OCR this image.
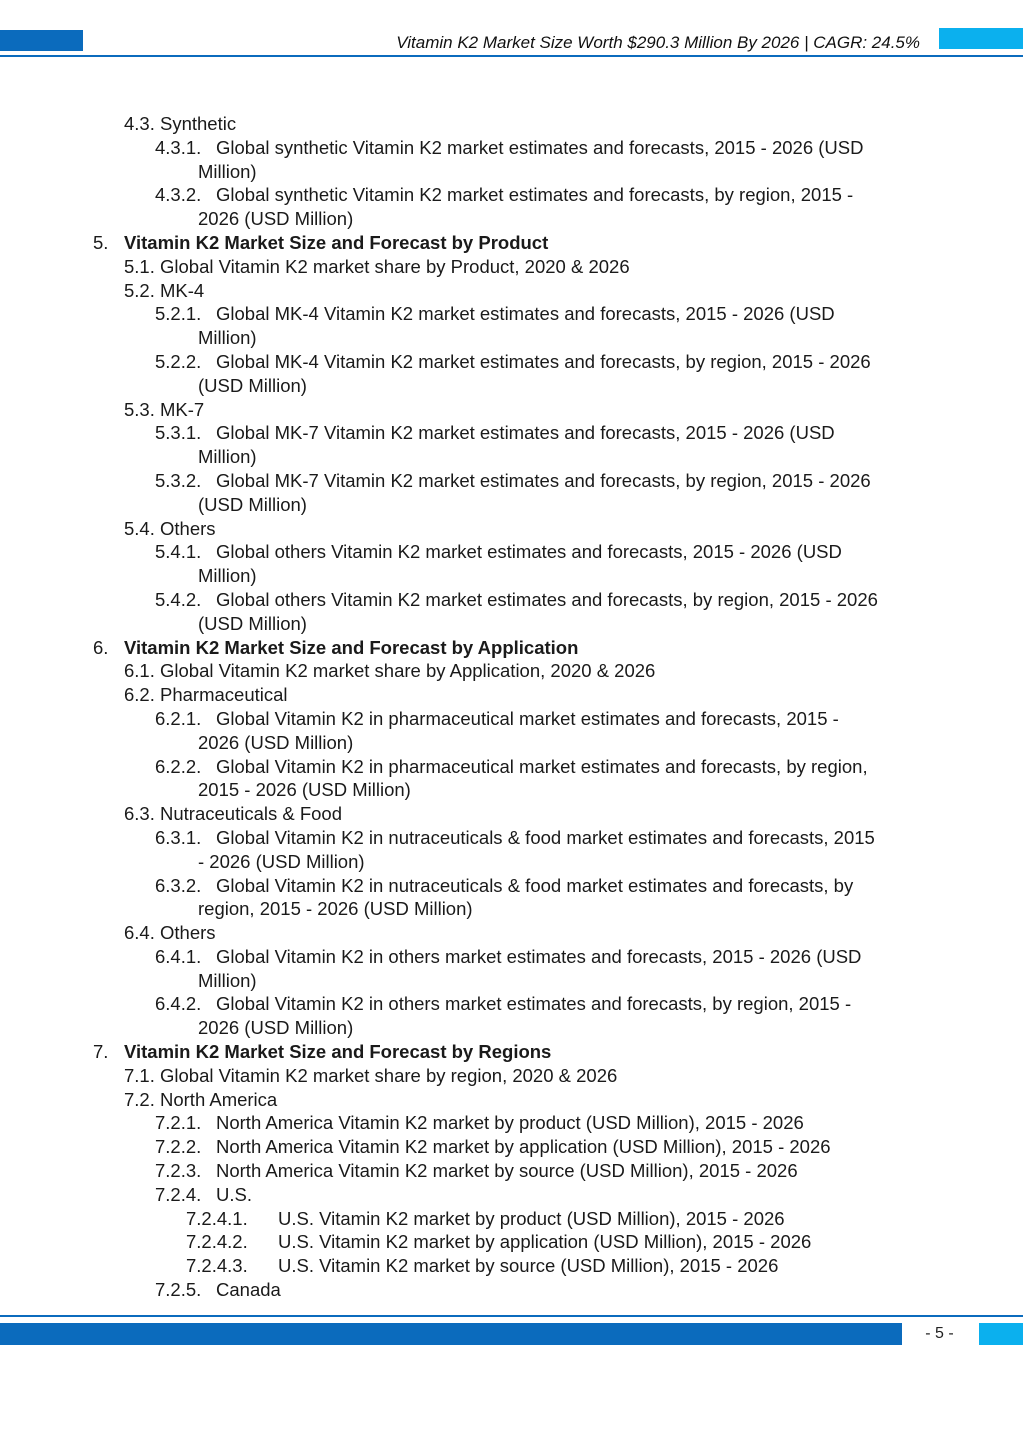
Vitamin K2 Market Size Worth $290.3 Million By 2026 | CAGR: 24.5%
4.3. Synthetic
4.3.1. Global synthetic Vitamin K2 market estimates and forecasts, 2015 - 2026 (USD
Million)
4.3.2. Global synthetic Vitamin K2 market estimates and forecasts, by region, 2015 -
2026 (USD Million)
5. Vitamin K2 Market Size and Forecast by Product
5.1. Global Vitamin K2 market share by Product, 2020 & 2026
5.2. MK-4
5.2.1. Global MK-4 Vitamin K2 market estimates and forecasts, 2015 - 2026 (USD
Million)
5.2.2. Global MK-4 Vitamin K2 market estimates and forecasts, by region, 2015 - 2026
(USD Million)
5.3. MK-7
5.3.1. Global MK-7 Vitamin K2 market estimates and forecasts, 2015 - 2026 (USD
Million)
5.3.2. Global MK-7 Vitamin K2 market estimates and forecasts, by region, 2015 - 2026
(USD Million)
5.4. Others
5.4.1. Global others Vitamin K2 market estimates and forecasts, 2015 - 2026 (USD
Million)
5.4.2. Global others Vitamin K2 market estimates and forecasts, by region, 2015 - 2026
(USD Million)
6. Vitamin K2 Market Size and Forecast by Application
6.1. Global Vitamin K2 market share by Application, 2020 & 2026
6.2. Pharmaceutical
6.2.1. Global Vitamin K2 in pharmaceutical market estimates and forecasts, 2015 -
2026 (USD Million)
6.2.2. Global Vitamin K2 in pharmaceutical market estimates and forecasts, by region,
2015 - 2026 (USD Million)
6.3. Nutraceuticals & Food
6.3.1. Global Vitamin K2 in nutraceuticals & food market estimates and forecasts, 2015
- 2026 (USD Million)
6.3.2. Global Vitamin K2 in nutraceuticals & food market estimates and forecasts, by
region, 2015 - 2026 (USD Million)
6.4. Others
6.4.1. Global Vitamin K2 in others market estimates and forecasts, 2015 - 2026 (USD
Million)
6.4.2. Global Vitamin K2 in others market estimates and forecasts, by region, 2015 -
2026 (USD Million)
7. Vitamin K2 Market Size and Forecast by Regions
7.1. Global Vitamin K2 market share by region, 2020 & 2026
7.2. North America
7.2.1. North America Vitamin K2 market by product (USD Million), 2015 - 2026
7.2.2. North America Vitamin K2 market by application (USD Million), 2015 - 2026
7.2.3. North America Vitamin K2 market by source (USD Million), 2015 - 2026
7.2.4. U.S.
7.2.4.1. U.S. Vitamin K2 market by product (USD Million), 2015 - 2026
7.2.4.2. U.S. Vitamin K2 market by application (USD Million), 2015 - 2026
7.2.4.3. U.S. Vitamin K2 market by source (USD Million), 2015 - 2026
7.2.5. Canada
- 5 -
